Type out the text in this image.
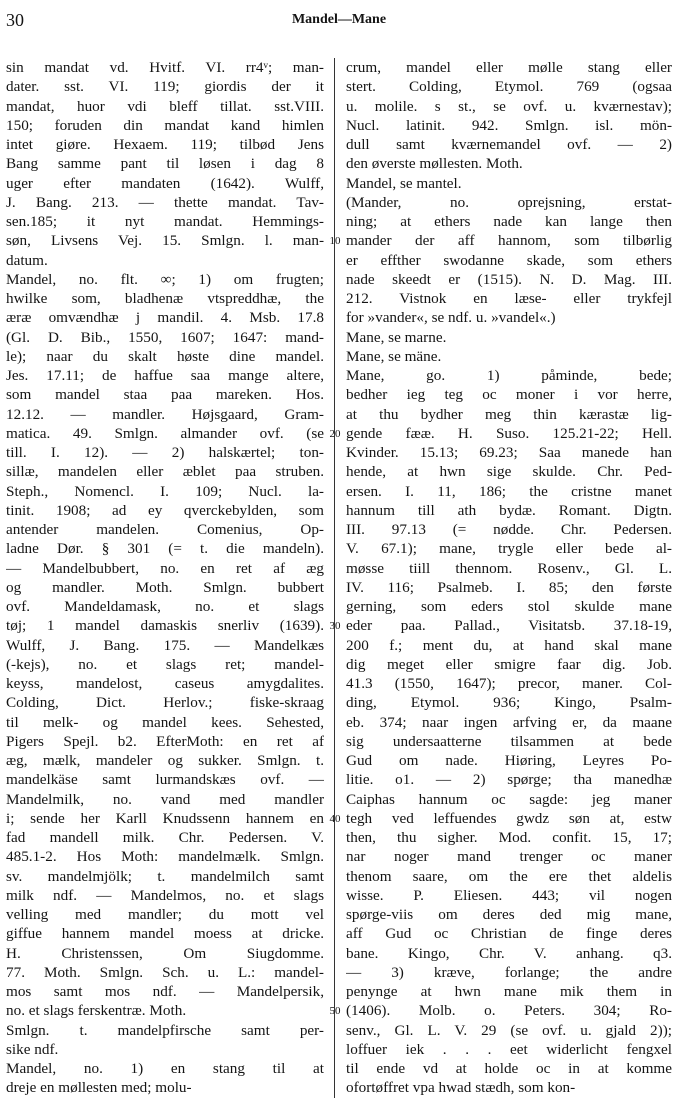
30	Mandel—Mane
sin mandat vd. Hvitf. VI. rr4ᵛ; man-
dater. sst. VI. 119; giordis der it
mandat, huor vdi bleff tillat. sst.VIII.
150; foruden din mandat kand himlen
intet giøre. Hexaem. 119; tilbød Jens
Bang samme pant til løsen i dag 8
uger efter mandaten (1642). Wulff,
J. Bang. 213. — thette mandat. Tav-
sen.185; it nyt mandat. Hemmings-
søn, Livsens Vej. 15. Smlgn. l. man-
datum.
Mandel, no. flt. ∞; 1) om frugten;
hwilke som, bladhenæ vtspreddhæ, the
æræ omvændhæ j mandil. 4. Msb. 17.8
(Gl. D. Bib., 1550, 1607; 1647: mand-
le); naar du skalt høste dine mandel.
Jes. 17.11; de haffue saa mange altere,
som mandel staa paa mareken. Hos.
12.12. — mandler. Højsgaard, Gram-
matica. 49. Smlgn. almander ovf. (se
till. I. 12). — 2) halskærtel; ton-
sillæ, mandelen eller æblet paa struben.
Steph., Nomencl. I. 109; Nucl. la-
tinit. 1908; ad ey qverckebylden, som
antender mandelen. Comenius, Op-
ladne Dør. § 301 (= t. die mandeln).
— Mandelbubbert, no. en ret af æg
og mandler. Moth. Smlgn. bubbert
ovf. Mandeldamask, no. et slags
tøj; 1 mandel damaskis snerliv (1639).
Wulff, J. Bang. 175. — Mandelkæs
(-kejs), no. et slags ret; mandel-
keyss, mandelost, caseus amygdalites.
Colding, Dict. Herlov.; fiske-skraag
til melk- og mandel kees. Sehested,
Pigers Spejl. b2. EfterMoth: en ret af
æg, mælk, mandeler og sukker. Smlgn. t.
mandelkäse samt lurmandskæs ovf. —
Mandelmilk, no. vand med mandler
i; sende her Karll Knudssenn hannem en
fad mandell milk. Chr. Pedersen. V.
485.1-2. Hos Moth: mandelmælk. Smlgn.
sv. mandelmjölk; t. mandelmilch samt
milk ndf. — Mandelmos, no. et slags
velling med mandler; du mott vel
giffue hannem mandel moess at dricke.
H. Christenssen, Om Siugdomme.
77. Moth. Smlgn. Sch. u. L.: mandel-
mos samt mos ndf. — Mandelpersik,
no. et slags ferskentræ. Moth.
Smlgn. t. mandelpfirsche samt per-
sike ndf.
Mandel, no. 1) en stang til at
dreje en møllesten med; molu-
crum, mandel eller mølle stang eller
stert. Colding, Etymol. 769 (ogsaa
u. molile. s st., se ovf. u. kværnestav);
Nucl. latinit. 942. Smlgn. isl. mön-
dull samt kværnemandel ovf. — 2)
den øverste møllesten. Moth.
Mandel, se mantel.
(Mander, no. oprejsning, erstat-
ning; at ethers nade kan lange then
mander der aff hannom, som tilbørlig
er effther swodanne skade, som ethers
nade skeedt er (1515). N. D. Mag. III.
212. Vistnok en læse- eller trykfejl
for »vander«, se ndf. u. »vandel«.)
Mane, se marne.
Mane, se mäne.
Mane, go. 1) påminde, bede;
bedher ieg teg oc moner i vor herre,
at thu bydher meg thin kærastæ lig-
gende fææ. H. Suso. 125.21-22; Hell.
Kvinder. 15.13; 69.23; Saa manede han
hende, at hwn sige skulde. Chr. Ped-
ersen. I. 11, 186; the cristne manet
hannum till ath bydæ. Romant. Digtn.
III. 97.13 (= nødde. Chr. Pedersen.
V. 67.1); mane, trygle eller bede al-
møsse tiill thennom. Rosenv., Gl. L.
IV. 116; Psalmeb. I. 85; den første
gerning, som eders stol skulde mane
eder paa. Pallad., Visitatsb. 37.18-19,
200 f.; ment du, at hand skal mane
dig meget eller smigre faar dig. Job.
41.3 (1550, 1647); precor, maner. Col-
ding, Etymol. 936; Kingo, Psalm-
eb. 374; naar ingen arfving er, da maane
sig undersaatterne tilsammen at bede
Gud om nade. Hiøring, Leyres Po-
litie. o1. — 2) spørge; tha manedhæ
Caiphas hannum oc sagde: jeg maner
tegh ved leffuendes gwdz søn at, estw
then, thu sigher. Mod. confit. 15, 17;
nar noger mand trenger oc maner
thenom saare, om the ere thet aldelis
wisse. P. Eliesen. 443; vil nogen
spørge-viis om deres ded mig mane,
aff Gud oc Christian de finge deres
bane. Kingo, Chr. V. anhang. q3.
— 3) kræve, forlange; the andre
penynge at hwn mane mik them in
(1406). Molb. o. Peters. 304; Ro-
senv., Gl. L. V. 29 (se ovf. u. gjald 2));
loffuer iek . . . eet widerlicht fengxel
til ende vd at holde oc in at komme
ofortøffret vpa hwad stædh, som kon-
10
20
30
40
50
